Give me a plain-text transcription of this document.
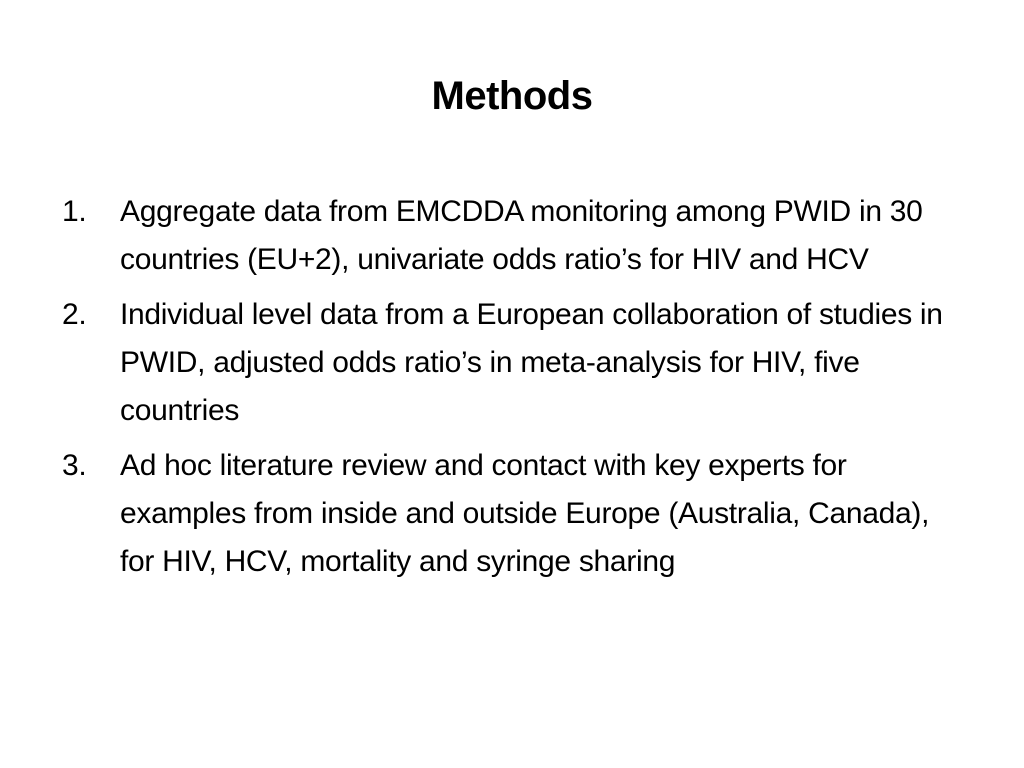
Methods
1. Aggregate data from EMCDDA monitoring among PWID in 30 countries (EU+2), univariate odds ratio’s for HIV and HCV
2. Individual level data from a European collaboration of studies in PWID, adjusted odds ratio’s in meta-analysis for HIV, five countries
3. Ad hoc literature review and contact with key experts for examples from inside and outside Europe (Australia, Canada), for HIV, HCV, mortality and syringe sharing
